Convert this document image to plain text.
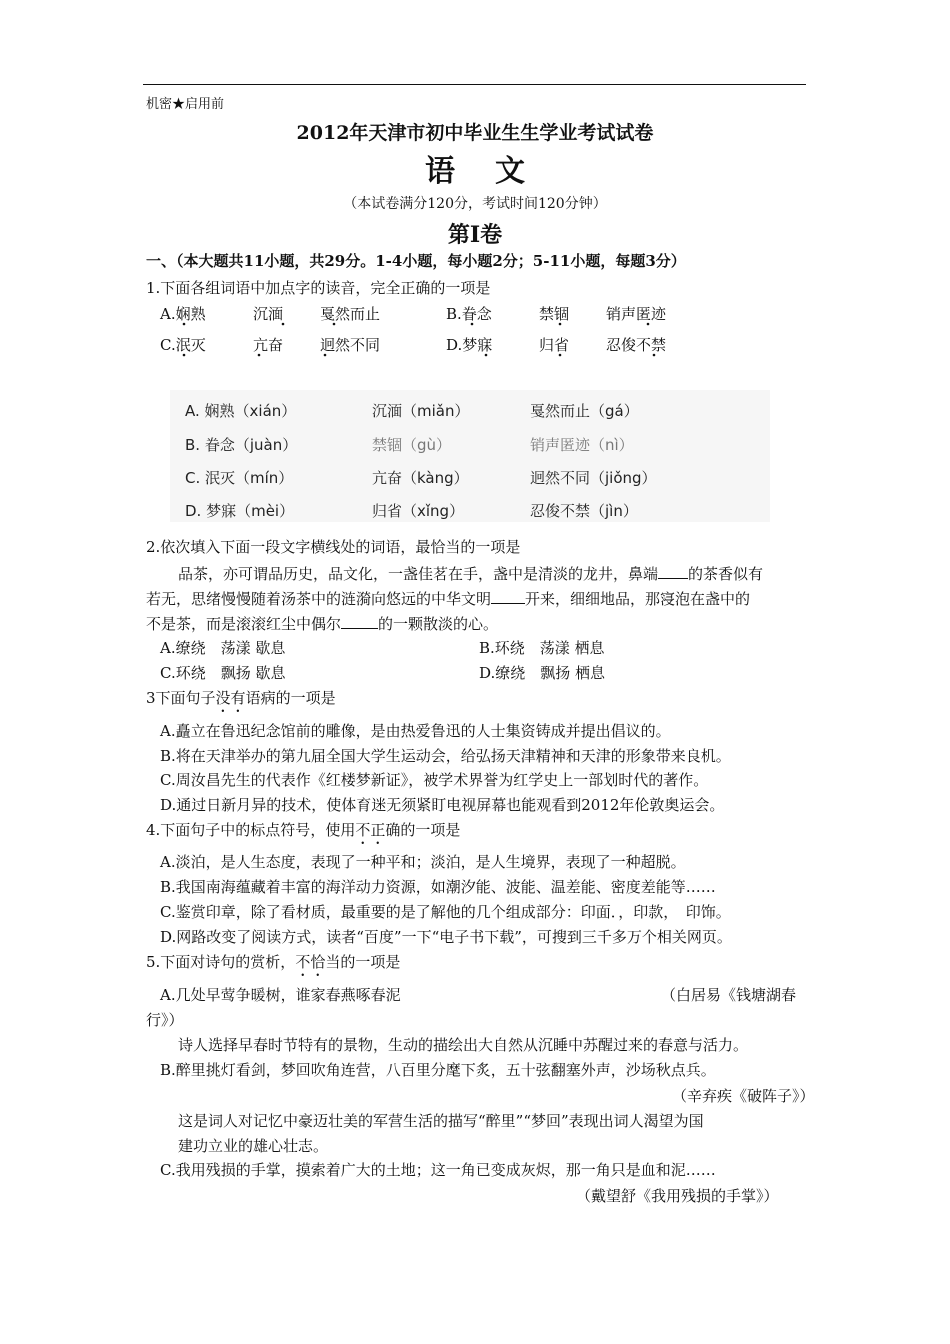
机密★启用前
2012年天津市初中毕业生生学业考试试卷
语 文
（本试卷满分120分，考试时间120分钟）
第Ⅰ卷
一、（本大题共11小题，共29分。1-4小题，每小题2分；5-11小题，每题3分）
1.下面各组词语中加点字的读音，完全正确的一项是
A.娴熟	沉湎 戛然而止	B.眷念	禁锢 销声匿迹
C.泯灭	亢奋 迥然不同	D.梦寐	归省 忍俊不禁
A. 娴熟（xián）	沉湎（miǎn）	戛然而止（gá）
B. 眷念（juàn）	禁锢（gù）	销声匿迹（nì）
C. 泯灭（mín）	亢奋（kàng）	迥然不同（jiǒng）
D. 梦寐（mèi）	归省（xǐng）	忍俊不禁（jìn）
2.依次填入下面一段文字横线处的词语，最恰当的一项是
品茶，亦可谓品历史，品文化，一盏佳茗在手，盏中是清淡的龙井，鼻端 的茶香似有
若无，思绪慢慢随着汤茶中的涟漪向悠远的中华文明 开来，细细地品，那寖泡在盏中的
不是茶，而是滚滚红尘中偶尔 的一颗散淡的心。
A.缭绕　荡漾 歇息	B.环绕　荡漾 栖息
C.环绕　飘扬 歇息	D.缭绕　飘扬 栖息
3下面句子没有语病的一项是
A.矗立在鲁迅纪念馆前的雕像，是由热爱鲁迅的人士集资铸成并提出倡议的。
B.将在天津举办的第九届全国大学生运动会，给弘扬天津精神和天津的形象带来良机。
C.周汝昌先生的代表作《红楼梦新证》，被学术界誉为红学史上一部划时代的著作。
D.通过日新月异的技术，使体育迷无须紧盯电视屏幕也能观看到2012年伦敦奥运会。
4.下面句子中的标点符号，使用不正确的一项是
A.淡泊，是人生态度，表现了一种平和；淡泊，是人生境界，表现了一种超脱。
B.我国南海蕴藏着丰富的海洋动力资源，如潮汐能、波能、温差能、密度差能等……
C.鉴赏印章，除了看材质，最重要的是了解他的几个组成部分：印面．，印款，　印饰。
D.网路改变了阅读方式，读者“百度”一下“电子书下载”，可搜到三千多万个相关网页。
5.下面对诗句的赏析，不恰当的一项是
A.几处早莺争暖树，谁家春燕啄春泥	（白居易《钱塘湖春
行》）
诗人选择早春时节特有的景物，生动的描绘出大自然从沉睡中苏醒过来的春意与活力。
B.醉里挑灯看剑，梦回吹角连营，八百里分麾下炙，五十弦翻塞外声，沙场秋点兵。
（辛弃疾《破阵子》）
这是词人对记忆中豪迈壮美的军营生活的描写“醉里”“梦回”表现出词人渴望为国
建功立业的雄心壮志。
C.我用残损的手掌，摸索着广大的土地；这一角已变成灰烬，那一角只是血和泥……
（戴望舒《我用残损的手掌》）
